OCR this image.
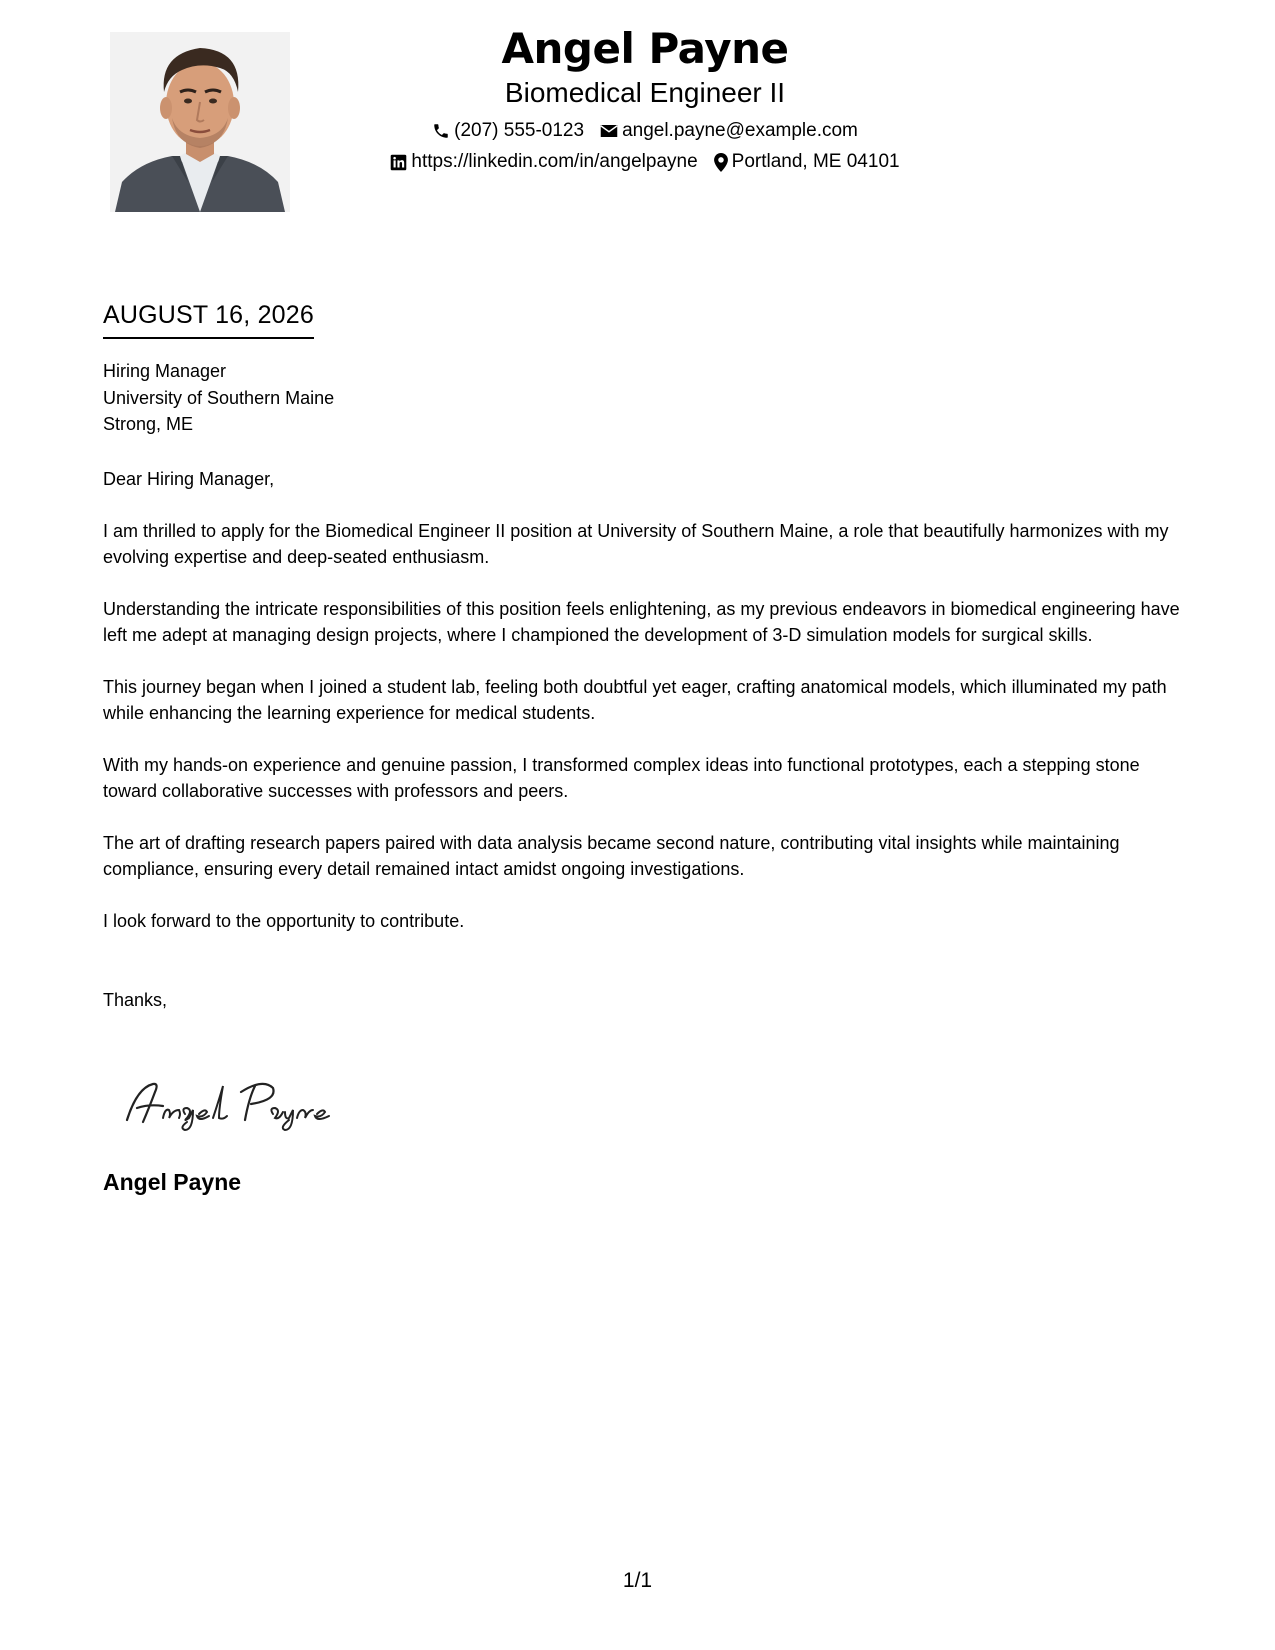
Angel Payne
Biomedical Engineer II
(207) 555-0123 angel.payne@example.com
https://linkedin.com/in/angelpayne Portland, ME 04101
AUGUST 16, 2026
Hiring Manager
University of Southern Maine
Strong, ME
Dear Hiring Manager,
I am thrilled to apply for the Biomedical Engineer II position at University of Southern Maine, a role that beautifully harmonizes with my evolving expertise and deep-seated enthusiasm.
Understanding the intricate responsibilities of this position feels enlightening, as my previous endeavors in biomedical engineering have left me adept at managing design projects, where I championed the development of 3-D simulation models for surgical skills.
This journey began when I joined a student lab, feeling both doubtful yet eager, crafting anatomical models, which illuminated my path while enhancing the learning experience for medical students.
With my hands-on experience and genuine passion, I transformed complex ideas into functional prototypes, each a stepping stone toward collaborative successes with professors and peers.
The art of drafting research papers paired with data analysis became second nature, contributing vital insights while maintaining compliance, ensuring every detail remained intact amidst ongoing investigations.
I look forward to the opportunity to contribute.
Thanks,
Angel Payne
1/1
